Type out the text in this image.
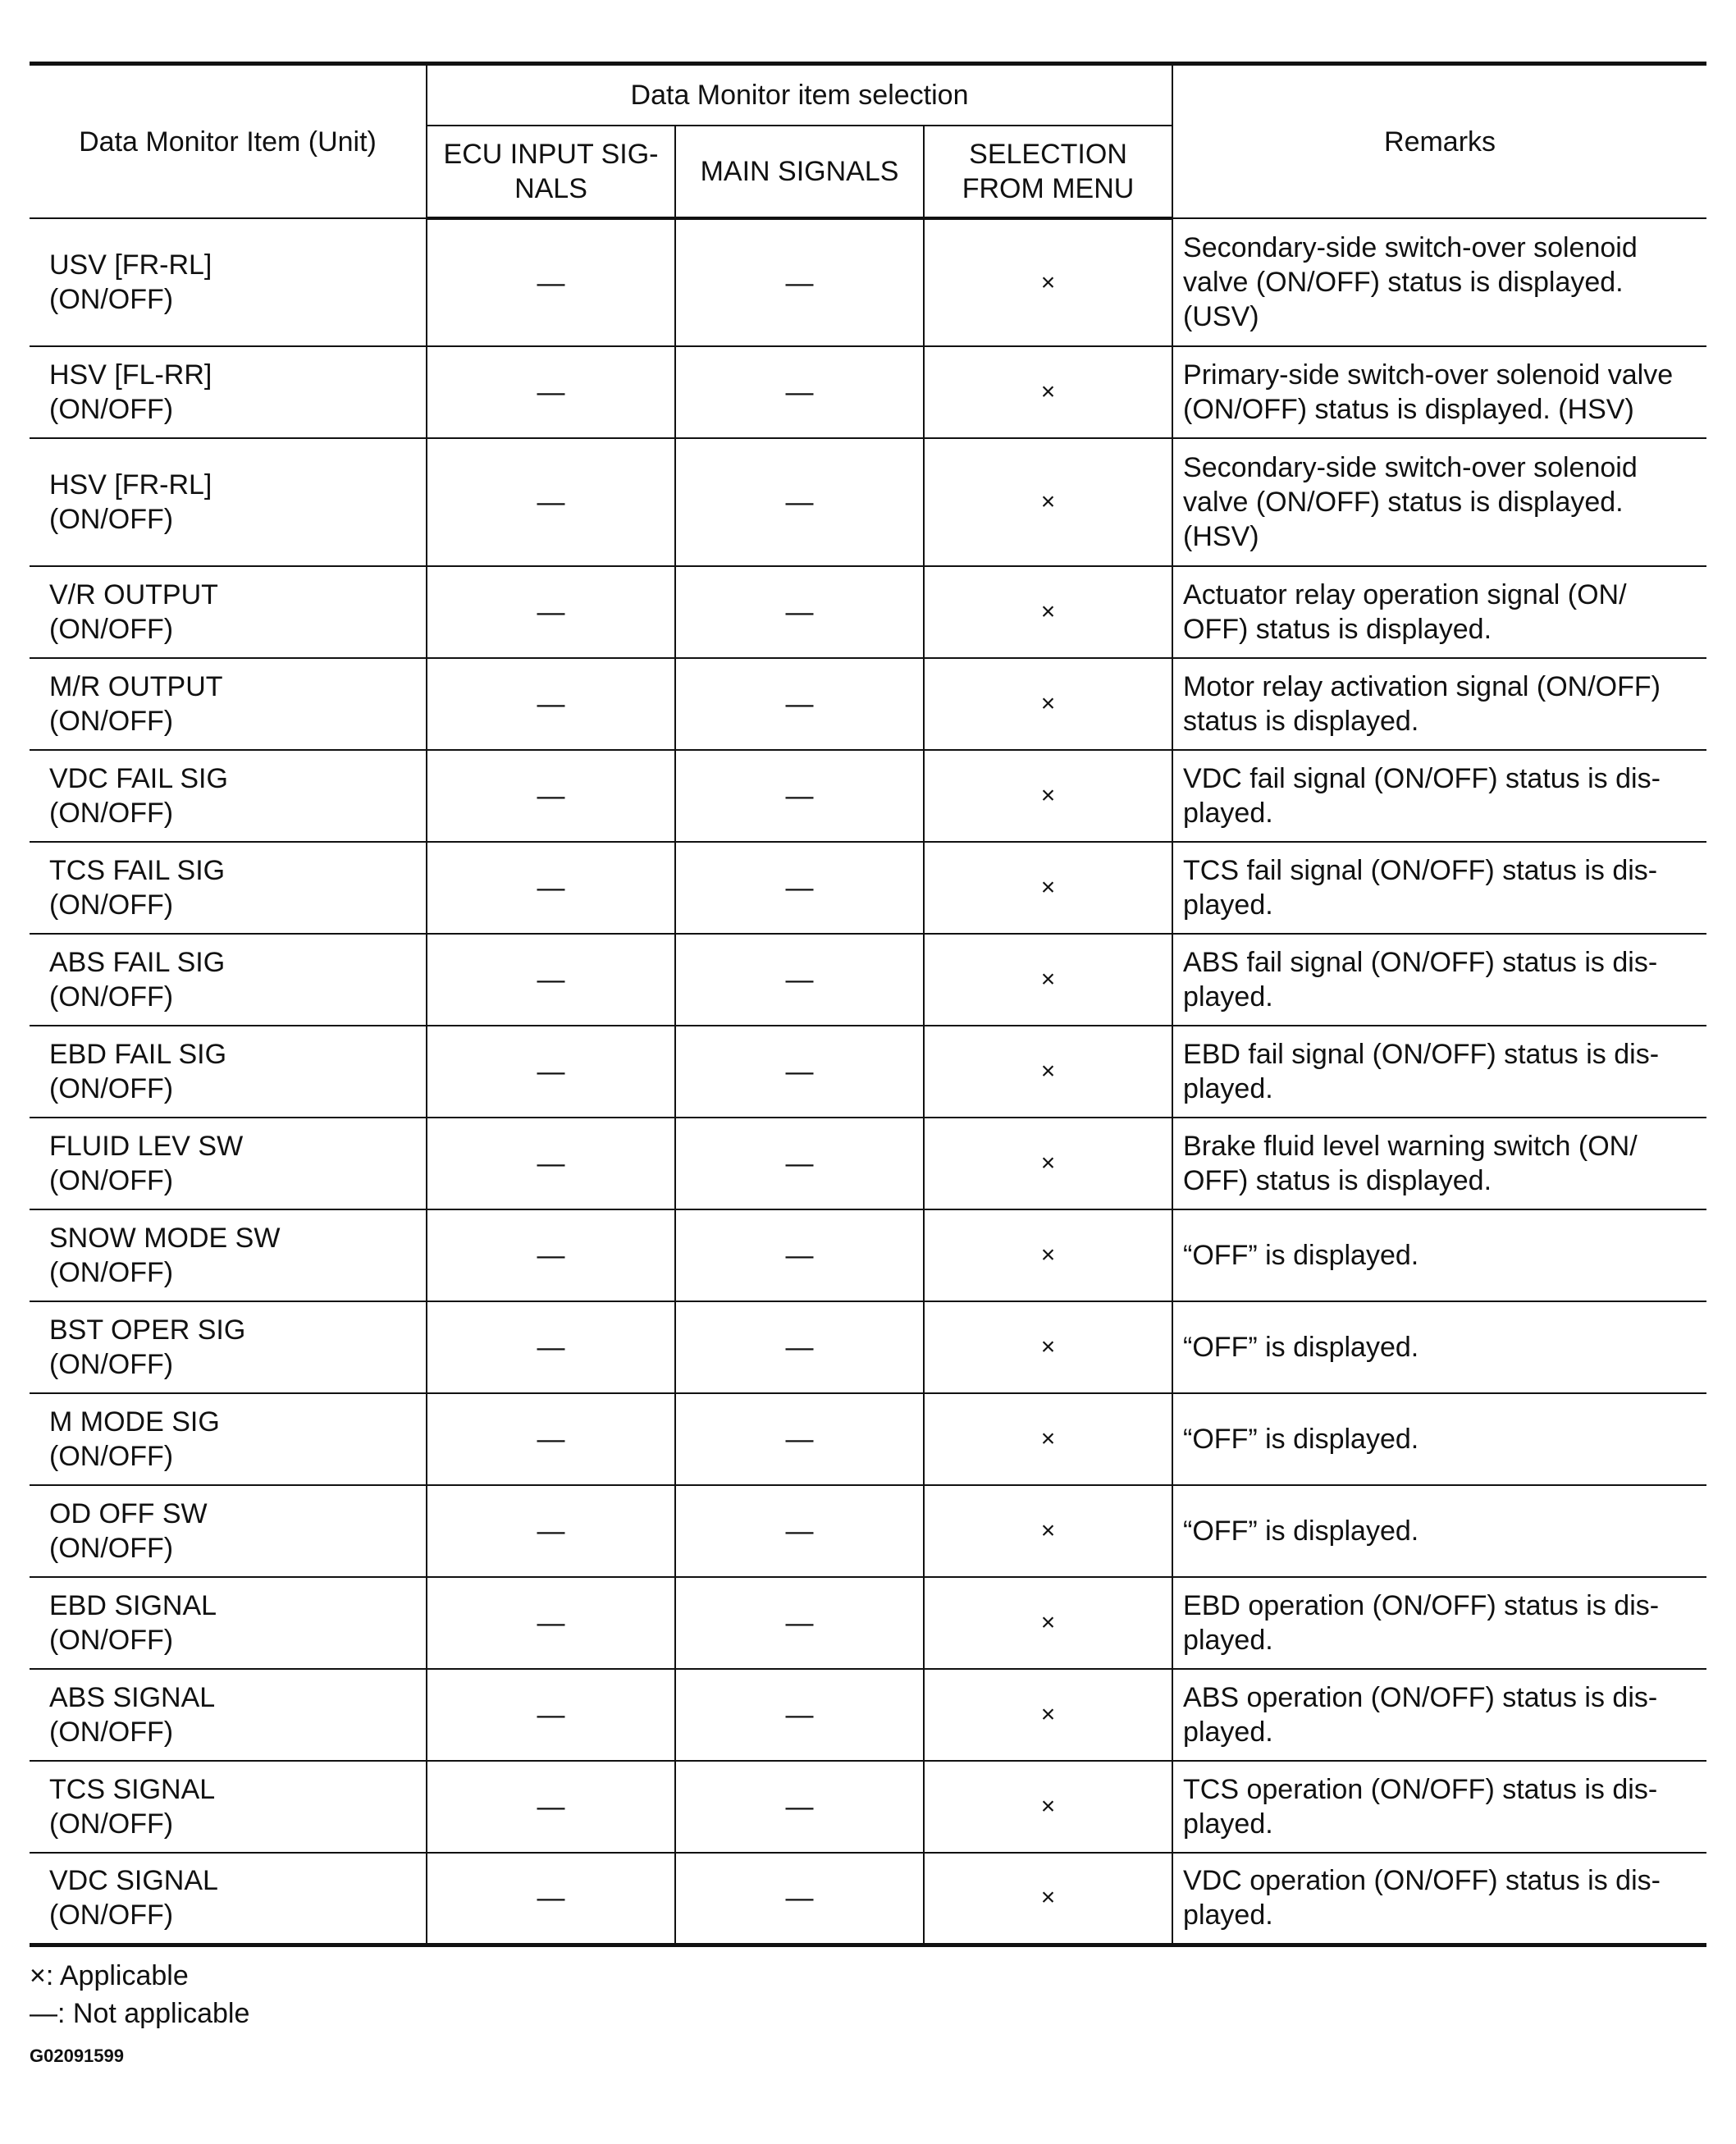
Data Monitor Item (Unit)	Data Monitor item selection			Remarks
	ECU INPUT SIG-
NALS	MAIN SIGNALS	SELECTION
FROM MENU	
USV [FR-RL]
(ON/OFF)	—	—	×	Secondary-side switch-over solenoid valve (ON/OFF) status is displayed. (USV)
HSV [FL-RR]
(ON/OFF)	—	—	×	Primary-side switch-over solenoid valve (ON/OFF) status is displayed. (HSV)
HSV [FR-RL]
(ON/OFF)	—	—	×	Secondary-side switch-over solenoid valve (ON/OFF) status is displayed. (HSV)
V/R OUTPUT
(ON/OFF)	—	—	×	Actuator relay operation signal (ON/ OFF) status is displayed.
M/R OUTPUT
(ON/OFF)	—	—	×	Motor relay activation signal (ON/OFF) status is displayed.
VDC FAIL SIG
(ON/OFF)	—	—	×	VDC fail signal (ON/OFF) status is dis- played.
TCS FAIL SIG
(ON/OFF)	—	—	×	TCS fail signal (ON/OFF) status is dis- played.
ABS FAIL SIG
(ON/OFF)	—	—	×	ABS fail signal (ON/OFF) status is dis- played.
EBD FAIL SIG
(ON/OFF)	—	—	×	EBD fail signal (ON/OFF) status is dis- played.
FLUID LEV SW
(ON/OFF)	—	—	×	Brake fluid level warning switch (ON/ OFF) status is displayed.
SNOW MODE SW
(ON/OFF)	—	—	×	“OFF” is displayed.
BST OPER SIG
(ON/OFF)	—	—	×	“OFF” is displayed.
M MODE SIG
(ON/OFF)	—	—	×	“OFF” is displayed.
OD OFF SW
(ON/OFF)	—	—	×	“OFF” is displayed.
EBD SIGNAL
(ON/OFF)	—	—	×	EBD operation (ON/OFF) status is dis- played.
ABS SIGNAL
(ON/OFF)	—	—	×	ABS operation (ON/OFF) status is dis- played.
TCS SIGNAL
(ON/OFF)	—	—	×	TCS operation (ON/OFF) status is dis- played.
VDC SIGNAL
(ON/OFF)	—	—	×	VDC operation (ON/OFF) status is dis- played.
×: Applicable
—: Not applicable
G02091599
